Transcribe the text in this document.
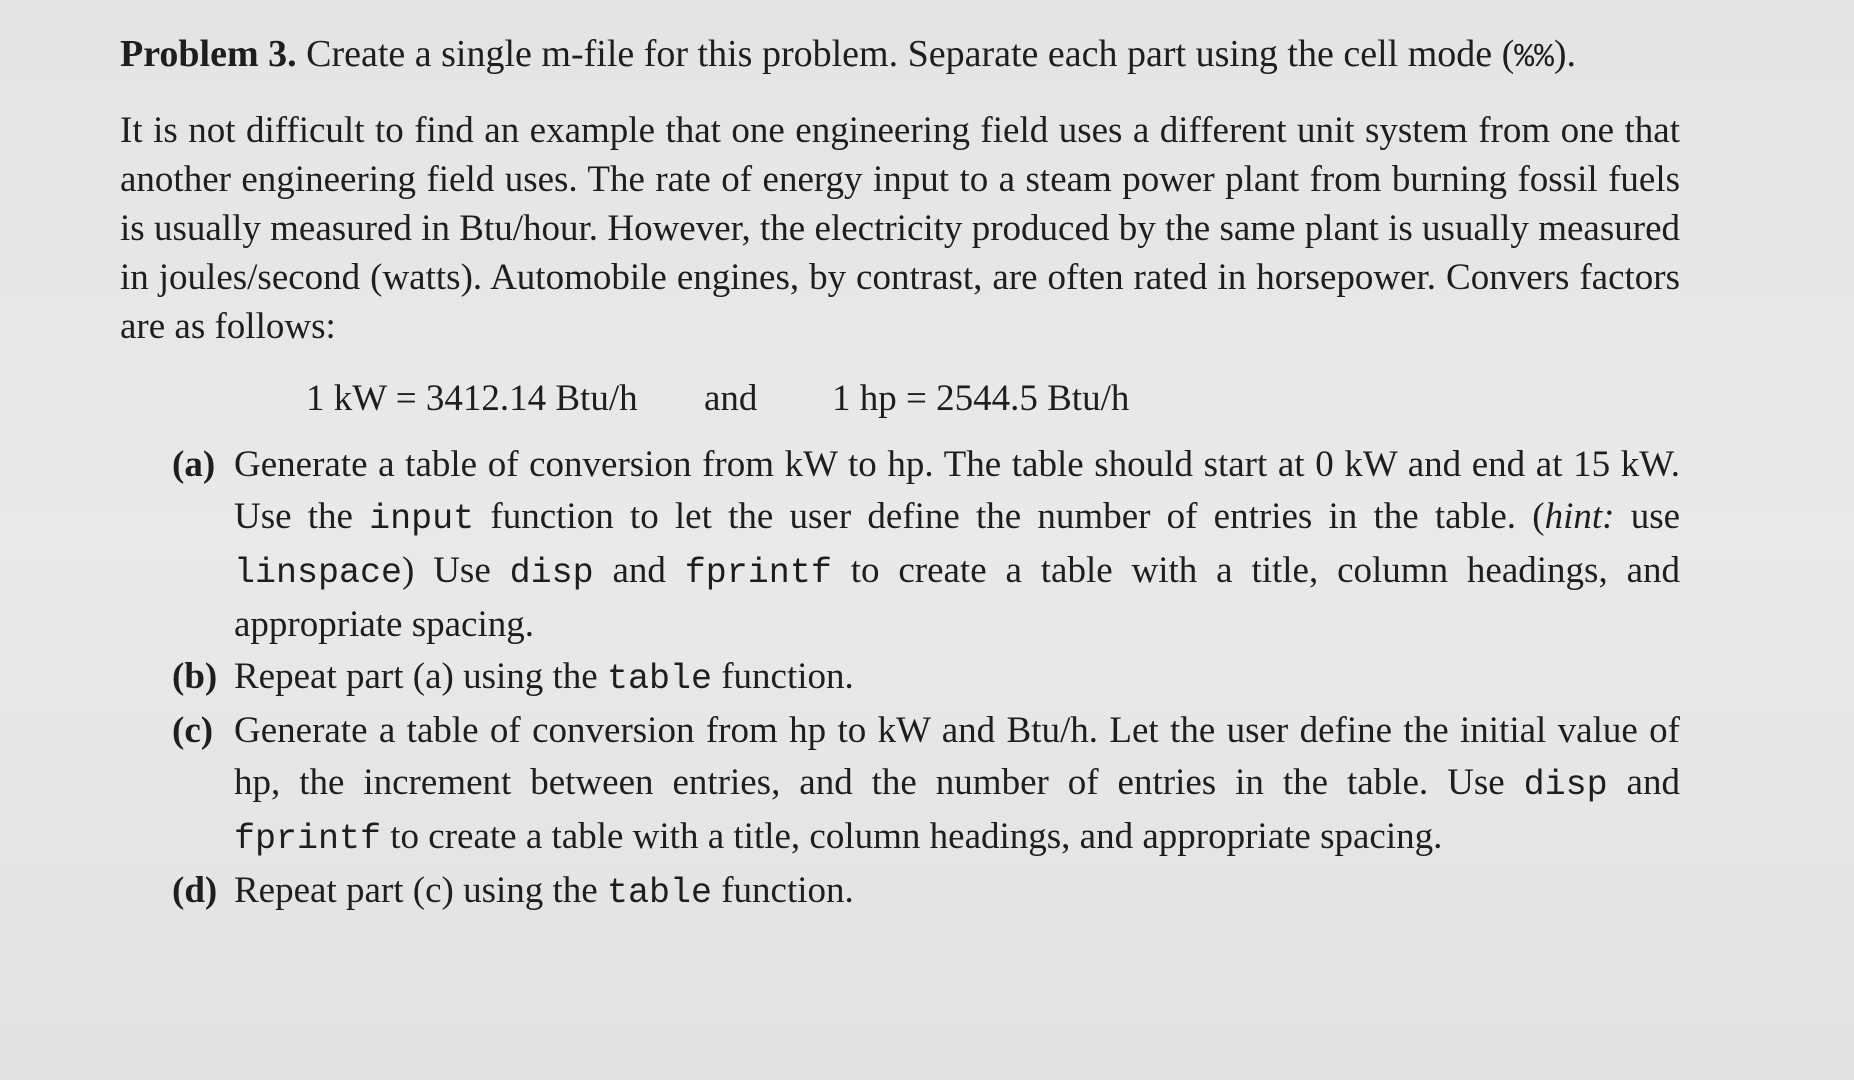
Problem 3. Create a single m-file for this problem. Separate each part using the cell mode (%%).

It is not difficult to find an example that one engineering field uses a different unit system from one that another engineering field uses. The rate of energy input to a steam power plant from burning fossil fuels is usually measured in Btu/hour. However, the electricity produced by the same plant is usually measured in joules/second (watts). Automobile engines, by contrast, are often rated in horsepower. Convers factors are as follows:

1 kW = 3412.14 Btu/h and 1 hp = 2544.5 Btu/h
(a) Generate a table of conversion from kW to hp. The table should start at 0 kW and end at 15 kW. Use the input function to let the user define the number of entries in the table. (hint: use linspace) Use disp and fprintf to create a table with a title, column headings, and appropriate spacing.
(b) Repeat part (a) using the table function.
(c) Generate a table of conversion from hp to kW and Btu/h. Let the user define the initial value of hp, the increment between entries, and the number of entries in the table. Use disp and fprintf to create a table with a title, column headings, and appropriate spacing.
(d) Repeat part (c) using the table function.
